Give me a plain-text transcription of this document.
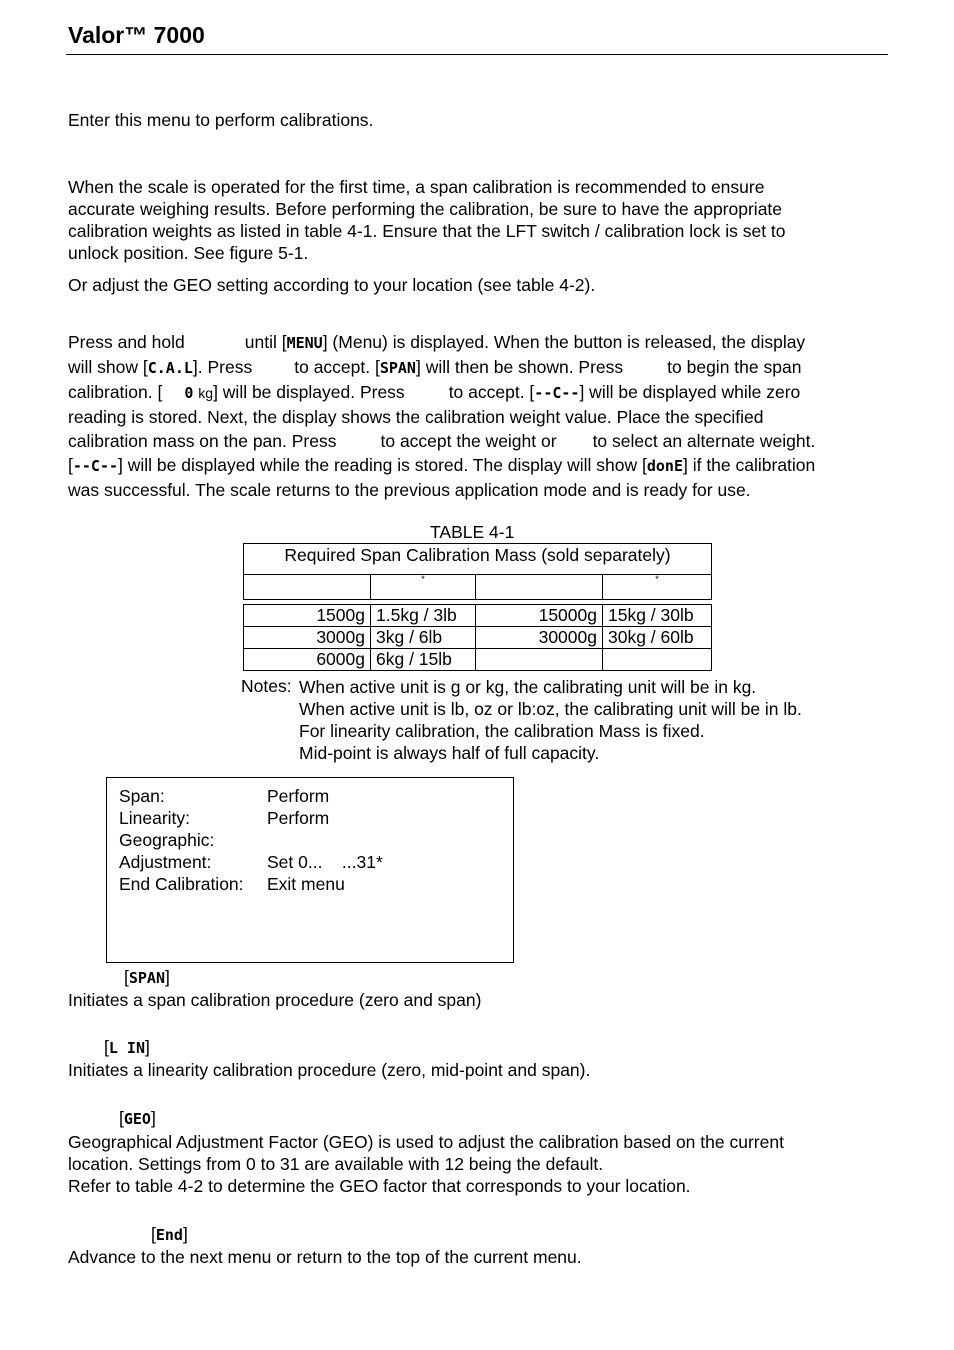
Valor™ 7000
Enter this menu to perform calibrations.
When the scale is operated for the first time, a span calibration is recommended to ensure
accurate weighing results. Before performing the calibration, be sure to have the appropriate
calibration weights as listed in table 4-1. Ensure that the LFT switch / calibration lock is set to
unlock position. See figure 5-1.
Or adjust the GEO setting according to your location (see table 4-2).
Press and hold	until [MENU] (Menu) is displayed. When the button is released, the display
will show [C.A.L]. Press to accept. [SPAN] will then be shown. Press	to begin the span
calibration. [ 0 kg] will be displayed. Press	to accept. [--C--] will be displayed while zero
reading is stored. Next, the display shows the calibration weight value. Place the specified
calibration mass on the pan. Press	to accept the weight or to select an alternate weight.
[--C--] will be displayed while the reading is stored. The display will show [donE] if the calibration
was successful. The scale returns to the previous application mode and is ready for use.
TABLE 4-1
Required Span Calibration Mass (sold separately)			
	*		*

1500g	1.5kg / 3lb	15000g	15kg / 30lb
3000g	3kg / 6lb	30000g	30kg / 60lb
6000g	6kg / 15lb		
Notes: When active unit is g or kg, the calibrating unit will be in kg.
When active unit is lb, oz or lb:oz, the calibrating unit will be in lb.
For linearity calibration, the calibration Mass is fixed.
Mid-point is always half of full capacity.
Span:	Perform
Linearity:	Perform
Geographic:
Adjustment:	Set 0...    ...31*
End Calibration: Exit menu
[SPAN]
Initiates a span calibration procedure (zero and span)
[L IN]
Initiates a linearity calibration procedure (zero, mid-point and span).
[GEO]
Geographical Adjustment Factor (GEO) is used to adjust the calibration based on the current
location. Settings from 0 to 31 are available with 12 being the default.
Refer to table 4-2 to determine the GEO factor that corresponds to your location.
[End]
Advance to the next menu or return to the top of the current menu.
